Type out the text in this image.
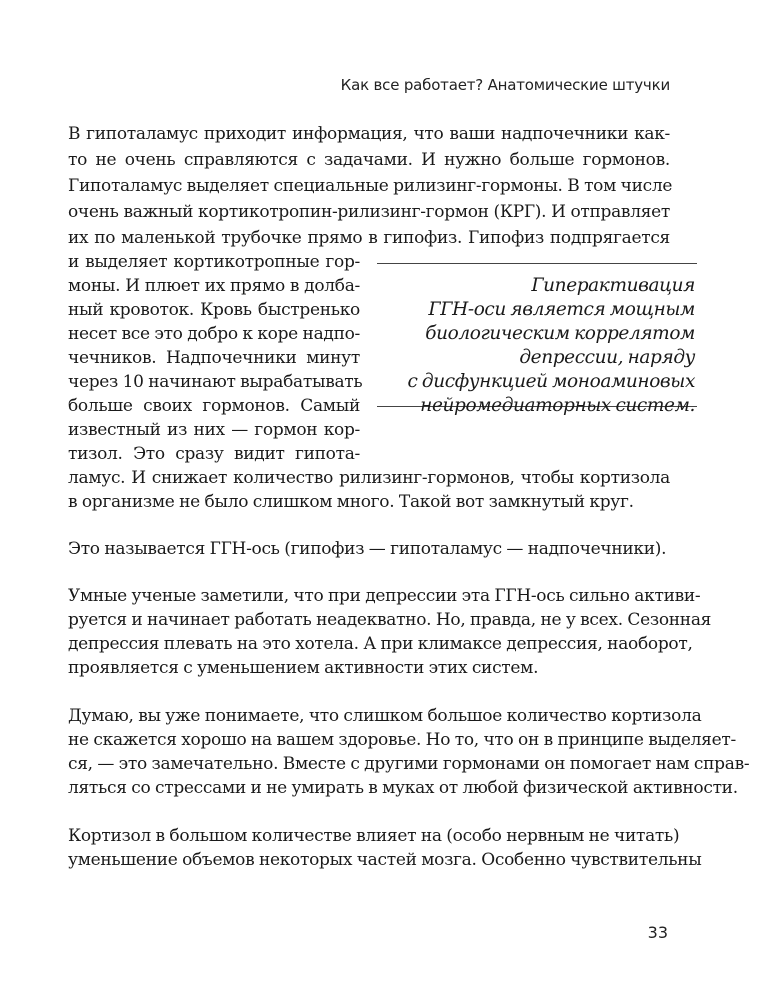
Как все работает? Анатомические штучки
В гипоталамус приходит информация, что ваши надпочечники как-
то не очень справляются с задачами. И нужно больше гормонов.
Гипоталамус выделяет специальные рилизинг-гормоны. В том числе
очень важный кортикотропин-рилизинг-гормон (КРГ). И отправляет
их по маленькой трубочке прямо в гипофиз. Гипофиз подпрягается
и выделяет кортикотропные гор-
моны. И плюет их прямо в долба-
ный кровоток. Кровь быстренько
несет все это добро к коре надпо-
чечников. Надпочечники минут
через 10 начинают вырабатывать
больше своих гормонов. Самый
известный из них — гормон кор-
тизол. Это сразу видит гипота-
ламус. И снижает количество рилизинг-гормонов, чтобы кортизола
в организме не было слишком много. Такой вот замкнутый круг.
Гиперактивация
ГГН-оси является мощным
биологическим коррелятом
депрессии, наряду
с дисфункцией моноаминовых
нейромедиаторных систем.
Это называется ГГН-ось (гипофиз — гипоталамус — надпочечники).
Умные ученые заметили, что при депрессии эта ГГН-ось сильно активи-
руется и начинает работать неадекватно. Но, правда, не у всех. Сезонная
депрессия плевать на это хотела. А при климаксе депрессия, наоборот,
проявляется с уменьшением активности этих систем.
Думаю, вы уже понимаете, что слишком большое количество кортизола
не скажется хорошо на вашем здоровье. Но то, что он в принципе выделяет-
ся, — это замечательно. Вместе с другими гормонами он помогает нам справ-
ляться со стрессами и не умирать в муках от любой физической активности.
Кортизол в большом количестве влияет на (особо нервным не читать)
уменьшение объемов некоторых частей мозга. Особенно чувствительны
33
